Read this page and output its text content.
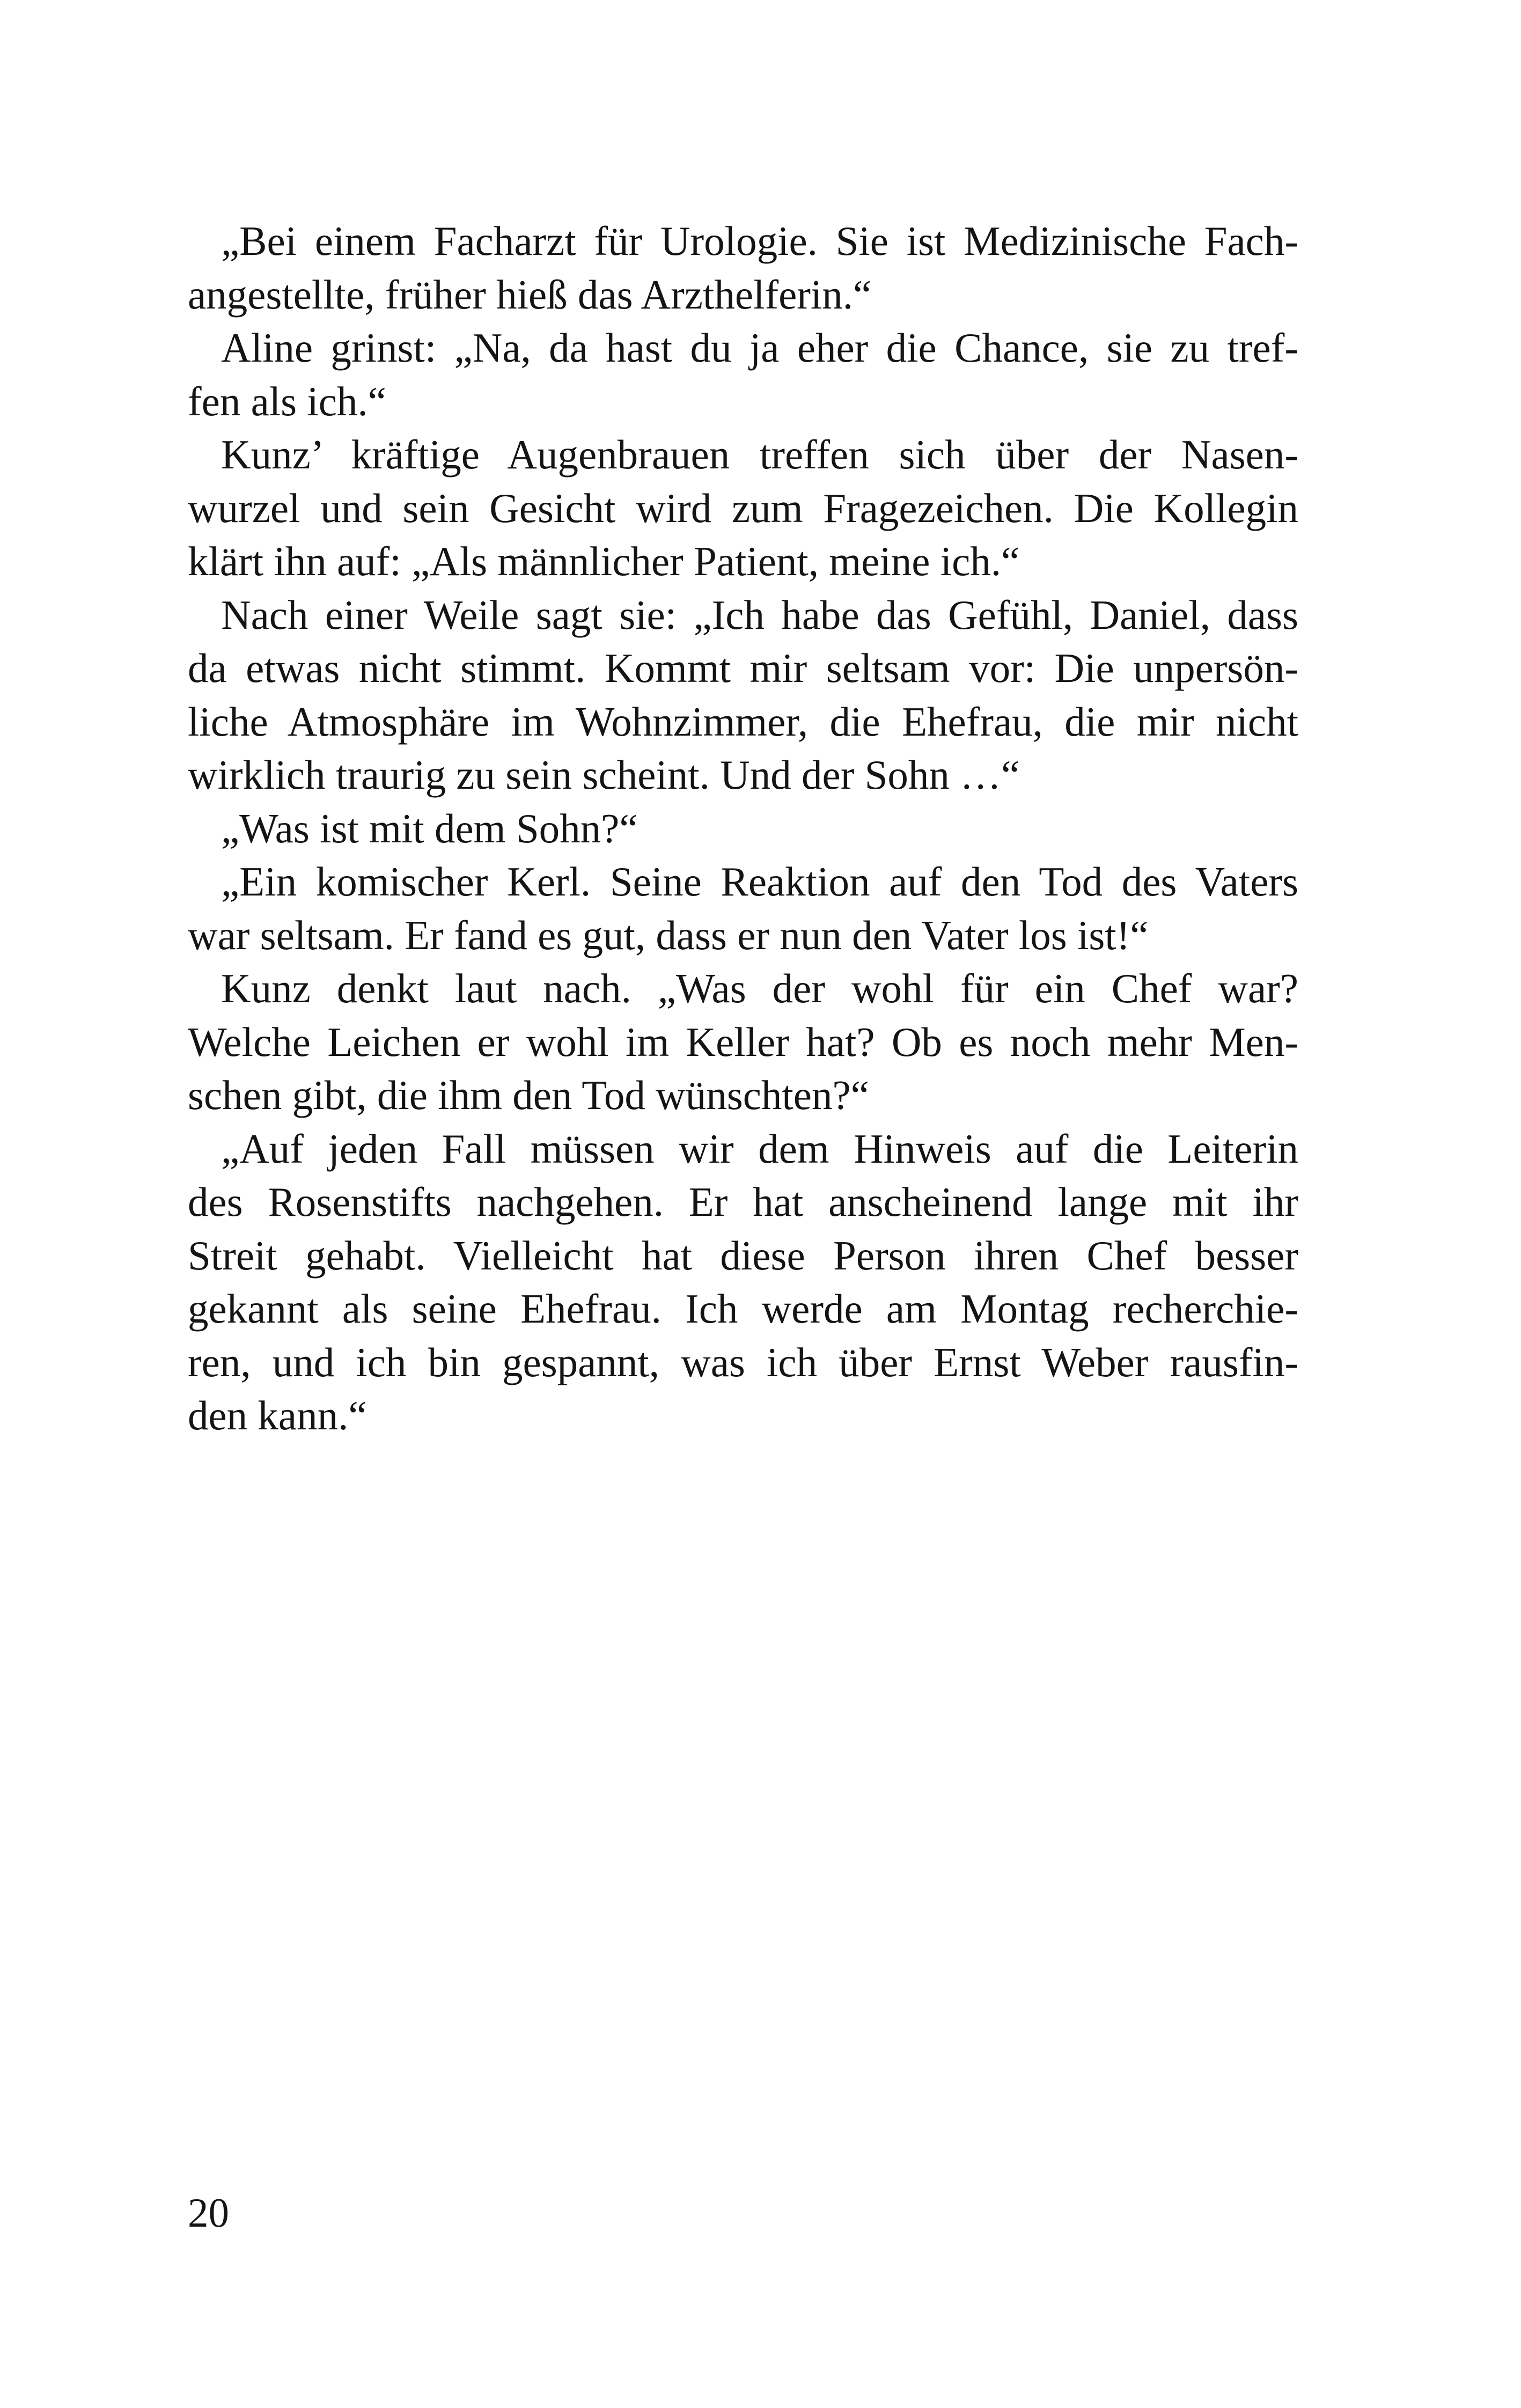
„Bei einem Facharzt für Urologie. Sie ist Medizinische Fach-
angestellte, früher hieß das Arzthelferin.“
Aline grinst: „Na, da hast du ja eher die Chance, sie zu tref-
fen als ich.“
Kunz’ kräftige Augenbrauen treffen sich über der Nasen-
wurzel und sein Gesicht wird zum Fragezeichen. Die Kollegin
klärt ihn auf: „Als männlicher Patient, meine ich.“
Nach einer Weile sagt sie: „Ich habe das Gefühl, Daniel, dass
da etwas nicht stimmt. Kommt mir seltsam vor: Die unpersön-
liche Atmosphäre im Wohnzimmer, die Ehefrau, die mir nicht
wirklich traurig zu sein scheint. Und der Sohn …“
„Was ist mit dem Sohn?“
„Ein komischer Kerl. Seine Reaktion auf den Tod des Vaters
war seltsam. Er fand es gut, dass er nun den Vater los ist!“
Kunz denkt laut nach. „Was der wohl für ein Chef war?
Welche Leichen er wohl im Keller hat? Ob es noch mehr Men-
schen gibt, die ihm den Tod wünschten?“
„Auf jeden Fall müssen wir dem Hinweis auf die Leiterin
des Rosenstifts nachgehen. Er hat anscheinend lange mit ihr
Streit gehabt. Vielleicht hat diese Person ihren Chef besser
gekannt als seine Ehefrau. Ich werde am Montag recherchie-
ren, und ich bin gespannt, was ich über Ernst Weber rausfin-
den kann.“
20
